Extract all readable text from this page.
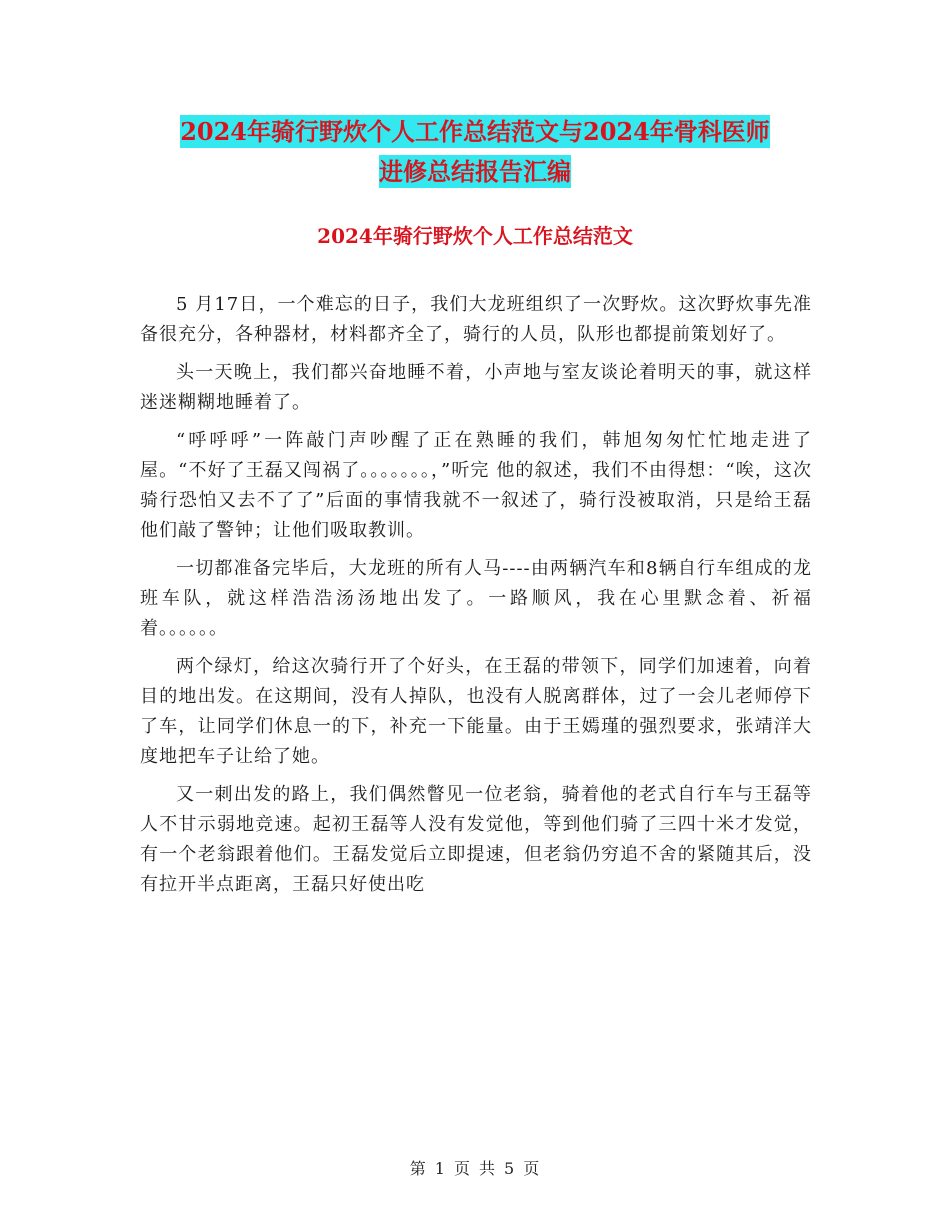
2024年骑行野炊个人工作总结范文与2024年骨科医师
进修总结报告汇编
2024年骑行野炊个人工作总结范文

5 月17日，一个难忘的日子，我们大龙班组织了一次野炊。这次野炊事先准备很充分，各种器材，材料都齐全了，骑行的人员，队形也都提前策划好了。

头一天晚上，我们都兴奋地睡不着，小声地与室友谈论着明天的事，就这样迷迷糊糊地睡着了。

“呼呼呼”一阵敲门声吵醒了正在熟睡的我们，韩旭匆匆忙忙地走进了屋。“不好了王磊又闯祸了。。。。。。。，”听完 他的叙述，我们不由得想：“唉，这次骑行恐怕又去不了了”后面的事情我就不一叙述了，骑行没被取消，只是给王磊他们敲了警钟；让他们吸取教训。

一切都准备完毕后，大龙班的所有人马----由两辆汽车和8辆自行车组成的龙班车队，就这样浩浩汤汤地出发了。一路顺风，我在心里默念着、祈福着。。。。。。

两个绿灯，给这次骑行开了个好头，在王磊的带领下，同学们加速着，向着目的地出发。在这期间，没有人掉队，也没有人脱离群体，过了一会儿老师停下了车，让同学们休息一的下，补充一下能量。由于王嫣瑾的强烈要求，张靖洋大度地把车子让给了她。

又一刺出发的路上，我们偶然瞥见一位老翁，骑着他的老式自行车与王磊等人不甘示弱地竞速。起初王磊等人没有发觉他，等到他们骑了三四十米才发觉，有一个老翁跟着他们。王磊发觉后立即提速，但老翁仍穷追不舍的紧随其后，没有拉开半点距离，王磊只好使出吃

第 1 页 共 5 页
